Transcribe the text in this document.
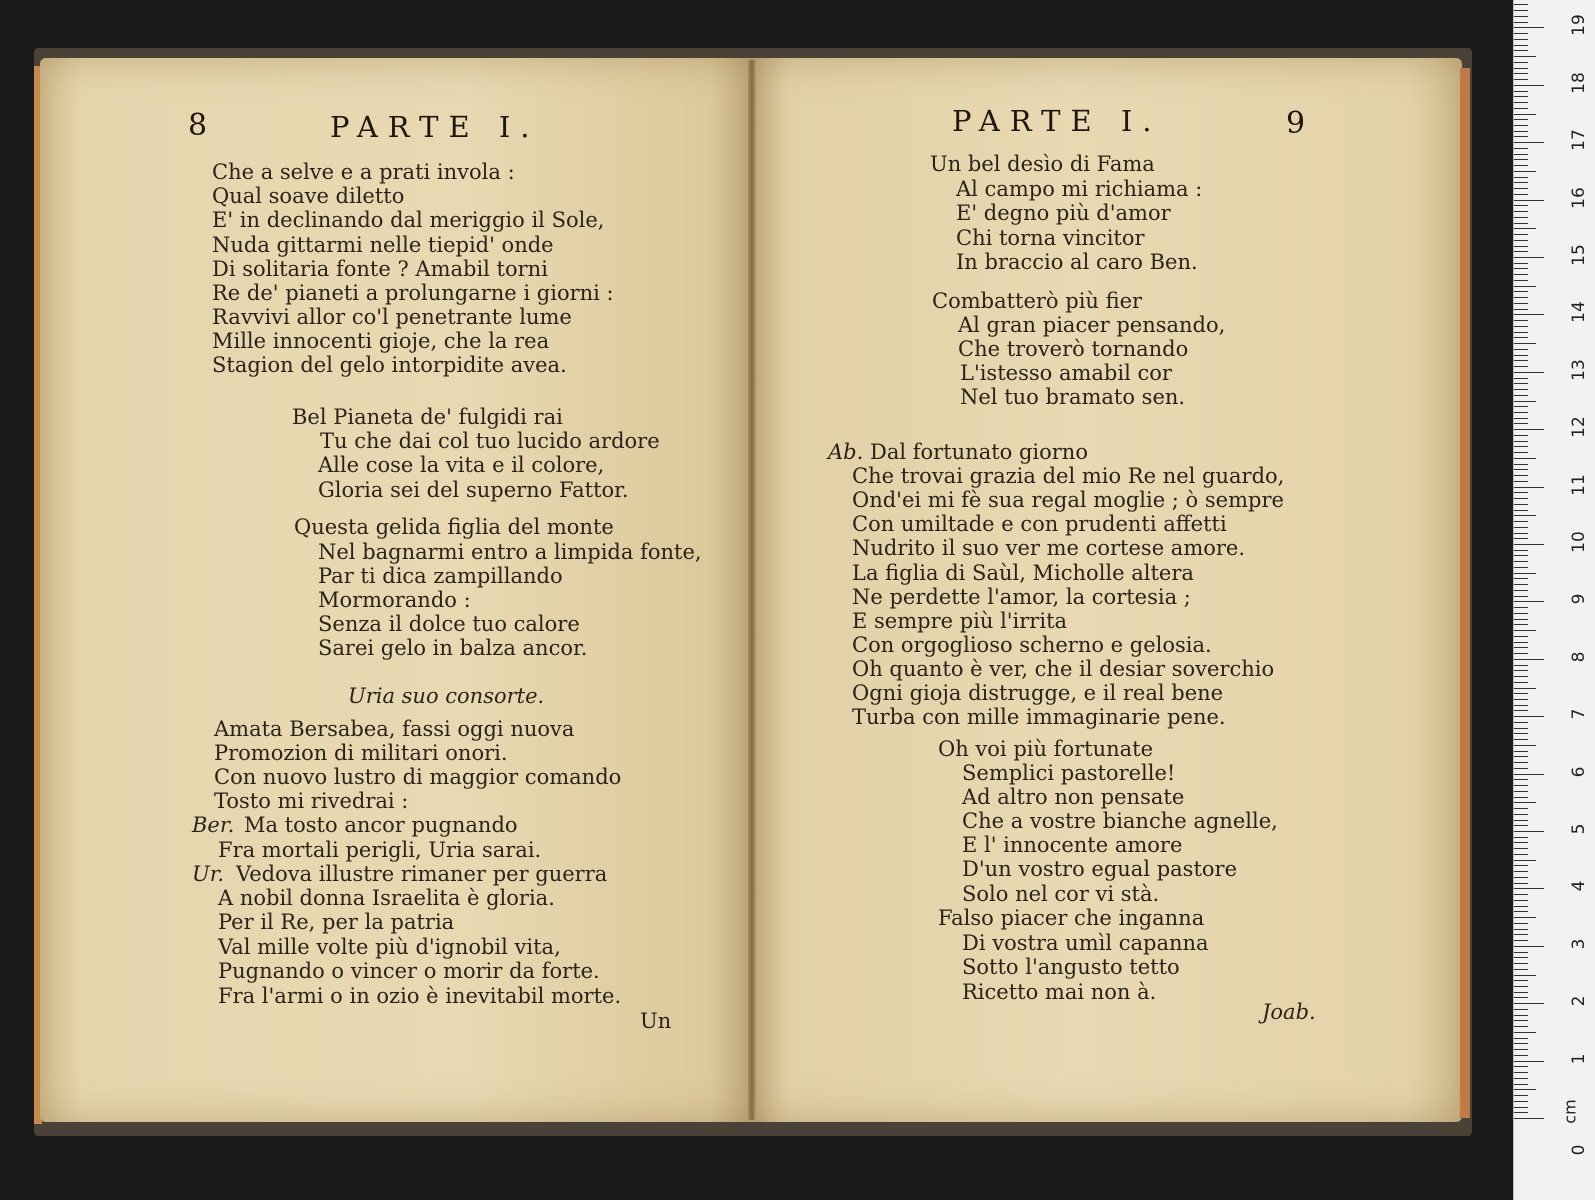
8	PARTE I.
Che a selve e a prati invola :
Qual soave diletto
E' in declinando dal meriggio il Sole,
Nuda gittarmi nelle tiepid' onde
Di solitaria fonte ? Amabil torni
Re de' pianeti a prolungarne i giorni :
Ravvivi allor co'l penetrante lume
Mille innocenti gioje, che la rea
Stagion del gelo intorpidite avea.
Bel Pianeta de' fulgidi rai
Tu che dai col tuo lucido ardore
Alle cose la vita e il colore,
Gloria sei del superno Fattor.
Questa gelida figlia del monte
Nel bagnarmi entro a limpida fonte,
Par ti dica zampillando
Mormorando :
Senza il dolce tuo calore
Sarei gelo in balza ancor.
Uria suo consorte.
Amata Bersabea, fassi oggi nuova
Promozion di militari onori.
Con nuovo lustro di maggior comando
Tosto mi rivedrai :
Ber. Ma tosto ancor pugnando
Fra mortali perigli, Uria sarai.
Ur. Vedova illustre rimaner per guerra
A nobil donna Israelita è gloria.
Per il Re, per la patria
Val mille volte più d'ignobil vita,
Pugnando o vincer o morir da forte.
Fra l'armi o in ozio è inevitabil morte.
Un
PARTE I.	9
Un bel desìo di Fama
Al campo mi richiama :
E' degno più d'amor
Chi torna vincitor
In braccio al caro Ben.
Combatterò più fier
Al gran piacer pensando,
Che troverò tornando
L'istesso amabil cor
Nel tuo bramato sen.
Ab. Dal fortunato giorno
Che trovai grazia del mio Re nel guardo,
Ond'ei mi fè sua regal moglie ; ò sempre
Con umiltade e con prudenti affetti
Nudrito il suo ver me cortese amore.
La figlia di Saùl, Micholle altera
Ne perdette l'amor, la cortesia ;
E sempre più l'irrita
Con orgoglioso scherno e gelosia.
Oh quanto è ver, che il desiar soverchio
Ogni gioja distrugge, e il real bene
Turba con mille immaginarie pene.
Oh voi più fortunate
Semplici pastorelle!
Ad altro non pensate
Che a vostre bianche agnelle,
E l' innocente amore
D'un vostro egual pastore
Solo nel cor vi stà.
Falso piacer che inganna
Di vostra umìl capanna
Sotto l'angusto tetto
Ricetto mai non à.
Joab.
cm
1
2
3
4
5
6
7
8
9
10
11
12
13
14
15
16
17
18
19
0
